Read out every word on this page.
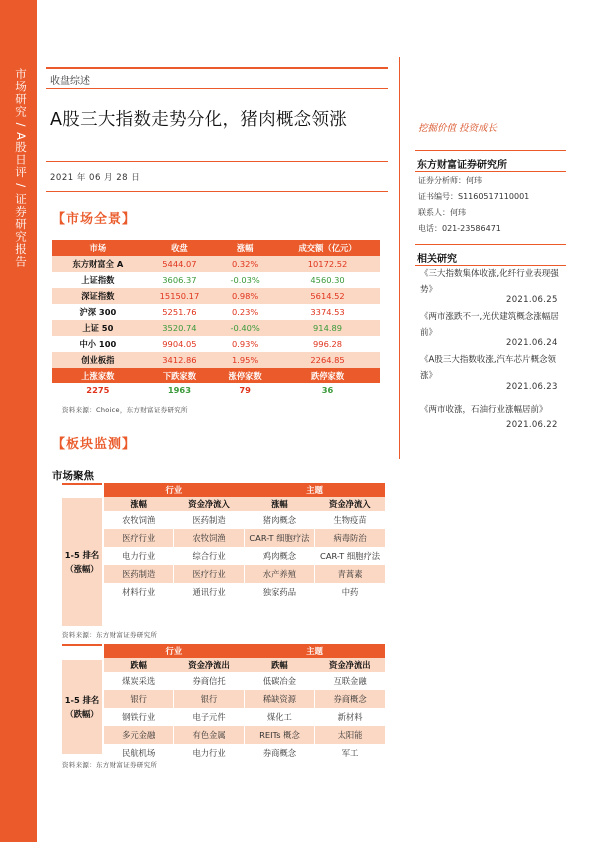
市场研究 / A股日评 / 证券研究报告 收盘综述
A股三大指数走势分化，猪肉概念领涨
2021 年 06 月 28 日
挖掘价值 投资成长
东方财富证券研究所
证券分析师：何玮
证书编号：S1160517110001
联系人：何玮
电话：021-23586471
相关研究
《三大指数集体收涨,化纤行业表现强势》
2021.06.25
《两市涨跌不一,光伏建筑概念涨幅居前》
2021.06.24
《A股三大指数收涨,汽车芯片概念领涨》
2021.06.23
《两市收涨，石油行业涨幅居前》
2021.06.22
【市场全景】
市场	收盘	涨幅	成交额（亿元）
东方财富全 A	5444.07	0.32%	10172.52
上证指数	3606.37	-0.03%	4560.30
深证指数	15150.17	0.98%	5614.52
沪深 300	5251.76	0.23%	3374.53
上证 50	3520.74	-0.40%	914.89
中小 100	9904.05	0.93%	996.28
创业板指	3412.86	1.95%	2264.85
上涨家数	下跌家数	涨停家数	跌停家数
2275	1963	79	36
资料来源：Choice，东方财富证券研究所
【板块监测】
市场聚焦
1-5 排名
（涨幅）
行业		主题	
涨幅	资金净流入	涨幅	资金净流入
农牧饲渔	医药制造	猪肉概念	生物疫苗
医疗行业	农牧饲渔	CAR-T 细胞疗法	病毒防治
电力行业	综合行业	鸡肉概念	CAR-T 细胞疗法
医药制造	医疗行业	水产养殖	青蒿素
材料行业	通讯行业	独家药品	中药
资料来源：东方财富证券研究所
1-5 排名
（跌幅）
行业		主题	
跌幅	资金净流出	跌幅	资金净流出
煤炭采选	券商信托	低碳冶金	互联金融
银行	银行	稀缺资源	券商概念
钢铁行业	电子元件	煤化工	新材料
多元金融	有色金属	REITs 概念	太阳能
民航机场	电力行业	券商概念	军工
资料来源：东方财富证券研究所
